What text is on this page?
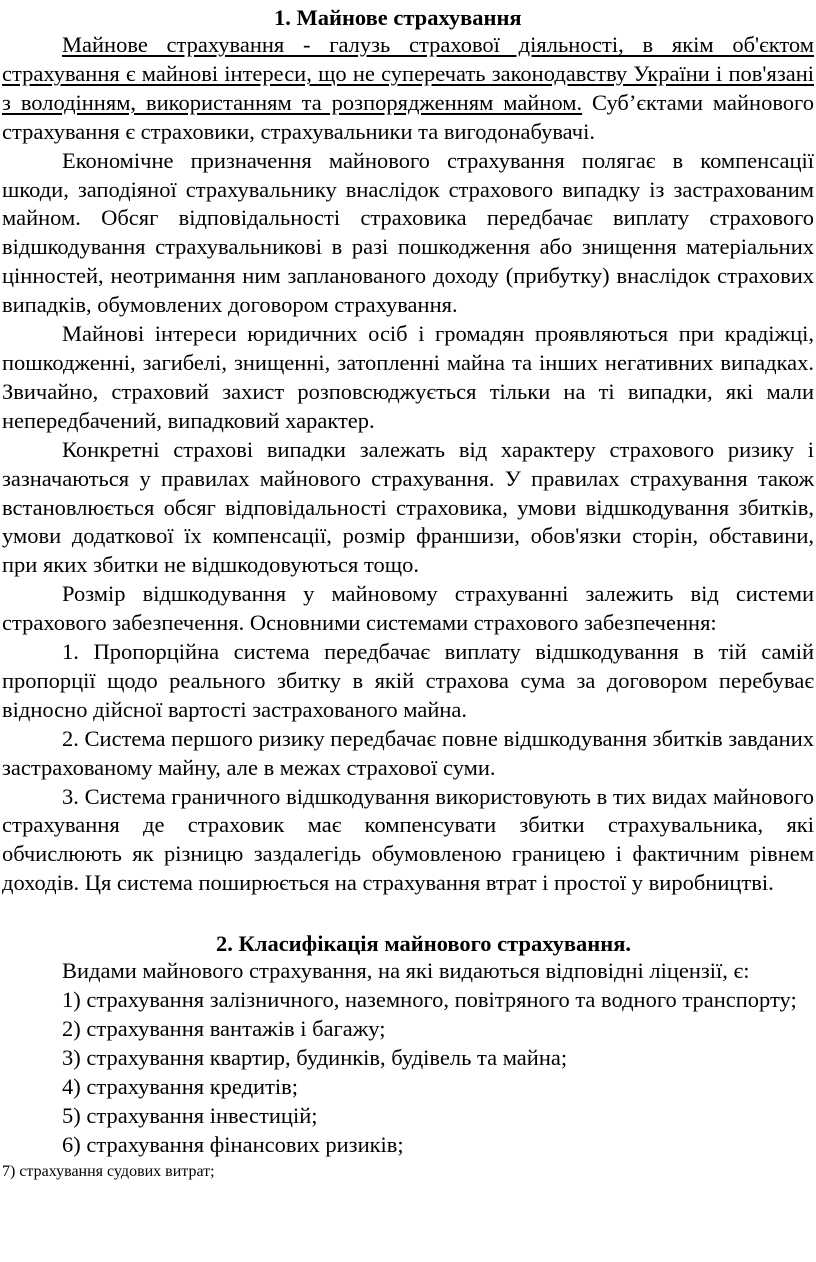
1. Майнове страхування

Майнове страхування - галузь страхової діяльності, в якім об'єктом страхування є майнові інтереси, що не суперечать законодавству України і пов'язані з володінням, використанням та розпорядженням майном. Суб’єктами майнового страхування є страховики, страхувальники та вигодонабувачі.

Економічне призначення майнового страхування полягає в компенсації шкоди, заподіяної страхувальнику внаслідок страхового випадку із застрахованим майном. Обсяг відповідальності страховика передбачає виплату страхового відшкодування страхувальникові в разі пошкодження або знищення матеріальних цінностей, неотримання ним запланованого доходу (прибутку) внаслідок страхових випадків, обумовлених договором страхування.

Майнові інтереси юридичних осіб і громадян проявляються при крадіжці, пошкодженні, загибелі, знищенні, затопленні майна та інших негативних випадках. Звичайно, страховий захист розповсюджується тільки на ті випадки, які мали непередбачений, випадковий характер.

Конкретні страхові випадки залежать від характеру страхового ризику і зазначаються у правилах майнового страхування. У правилах страхування також встановлюється обсяг відповідальності страховика, умови відшкодування збитків, умови додаткової їх компенсації, розмір франшизи, обов'язки сторін, обставини, при яких збитки не відшкодовуються тощо.

Розмір відшкодування у майновому страхуванні залежить від системи страхового забезпечення. Основними системами страхового забезпечення:

1. Пропорційна система передбачає виплату відшкодування в тій самій пропорції щодо реального збитку в якій страхова сума за договором перебуває відносно дійсної вартості застрахованого майна.

2. Система першого ризику передбачає повне відшкодування збитків завданих застрахованому майну, але в межах страхової суми.

3. Система граничного відшкодування використовують в тих видах майнового страхування де страховик має компенсувати збитки страхувальника, які обчислюють як різницю заздалегідь обумовленою границею і фактичним рівнем доходів. Ця система поширюється на страхування втрат і простої у виробництві.

2. Класифікація майнового страхування.

Видами майнового страхування, на які видаються відповідні ліцензії, є:

1) страхування залізничного, наземного, повітряного та водного транспорту;

2) страхування вантажів і багажу;

3) страхування квартир, будинків, будівель та майна;

4) страхування кредитів;

5) страхування інвестицій;

6) страхування фінансових ризиків;

7) страхування судових витрат;
